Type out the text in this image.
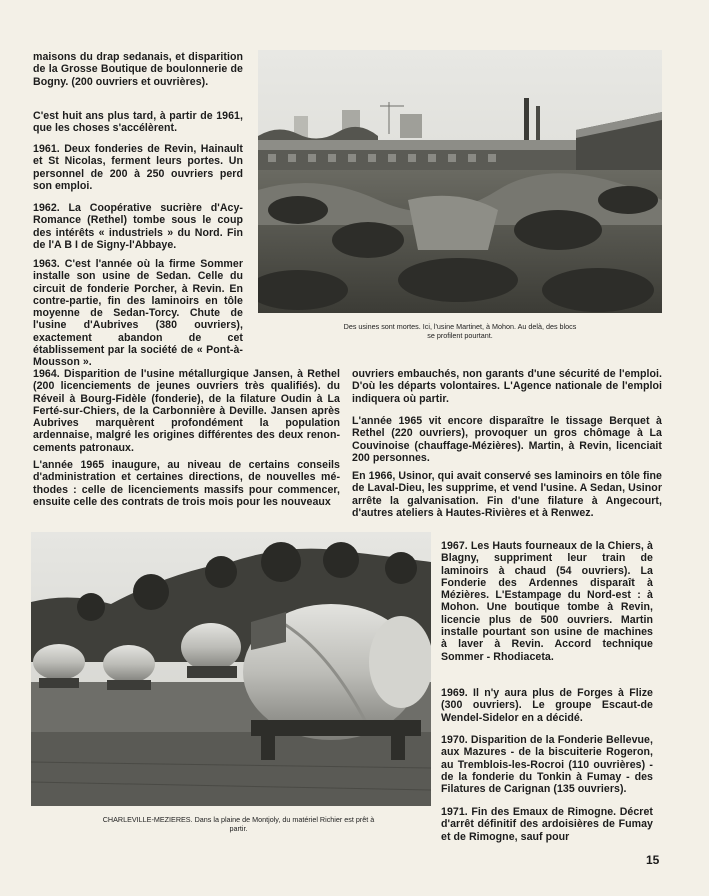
maisons du drap sedanais, et disparition de la Grosse Boutique de boulonnerie de Bogny. (200 ouvriers et ouvrières).

C'est huit ans plus tard, à partir de 1961, que les choses s'accélèrent.

1961. Deux fonderies de Revin, Hainault et St Nicolas, ferment leurs portes. Un personnel de 200 à 250 ouvriers perd son emploi.

1962. La Coopérative sucrière d'Acy-Romance (Rethel) tombe sous le coup des intérêts « industriels » du Nord. Fin de l'A B I de Signy-l'Abbaye.

1963. C'est l'année où la firme Sommer installe son usine de Sedan. Celle du circuit de fonderie Porcher, à Revin. En contre-partie, fin des laminoirs en tôle moyenne de Sedan-Torcy. Chute de l'usine d'Aubrives (380 ouvriers), exactement abandon de cet établissement par la société de « Pont-à-Mousson ».

Des usines sont mortes. Ici, l'usine Martinet, à Mohon. Au delà, des blocs se profilent pourtant.

1964. Disparition de l'usine métallurgique Jansen, à Rethel (200 licenciements de jeunes ouvriers très qualifiés). du Réveil à Bourg-Fidèle (fonderie), de la filature Oudin à La Ferté-sur-Chiers, de la Carbonnière à Deville. Jansen après Aubrives marquèrent profondément la population ardennaise, malgré les origines différentes des deux renoncements patronaux.

L'année 1965 inaugure, au niveau de certains conseils d'administration et certaines directions, de nouvelles méthodes : celle de licenciements massifs pour commencer, ensuite celle des contrats de trois mois pour les nouveaux

ouvriers embauchés, non garants d'une sécurité de l'emploi. D'où les départs volontaires. L'Agence nationale de l'emploi indiquera où partir.

L'année 1965 vit encore disparaître le tissage Berquet à Rethel (220 ouvriers), provoquer un gros chômage à La Couvinoise (chauffage-Mézières). Martin, à Revin, licenciait 200 personnes.

En 1966, Usinor, qui avait conservé ses laminoirs en tôle fine de Laval-Dieu, les supprime, et vend l'usine. A Sedan, Usinor arrête la galvanisation. Fin d'une filature à Angecourt, d'autres ateliers à Hautes-Rivières et à Renwez.

CHARLEVILLE-MEZIERES. Dans la plaine de Montjoly, du matériel Richier est prêt à partir.

1967. Les Hauts fourneaux de la Chiers, à Blagny, suppriment leur train de laminoirs à chaud (54 ouvriers). La Fonderie des Ardennes disparaît à Mézières. L'Estampage du Nord-est : à Mohon. Une boutique tombe à Revin, licencie plus de 500 ouvriers. Martin installe pourtant son usine de machines à laver à Revin. Accord technique Sommer - Rhodiaceta.

1969. Il n'y aura plus de Forges à Flize (300 ouvriers). Le groupe Escaut-de Wendel-Sidelor en a décidé.

1970. Disparition de la Fonderie Bellevue, aux Mazures - de la biscuiterie Rogeron, au Tremblois-les-Rocroi (110 ouvrières) - de la fonderie du Tonkin à Fumay - des Filatures de Carignan (135 ouvriers).

1971. Fin des Emaux de Rimogne. Décret d'arrêt définitif des ardoisières de Fumay et de Rimogne, sauf pour

15
